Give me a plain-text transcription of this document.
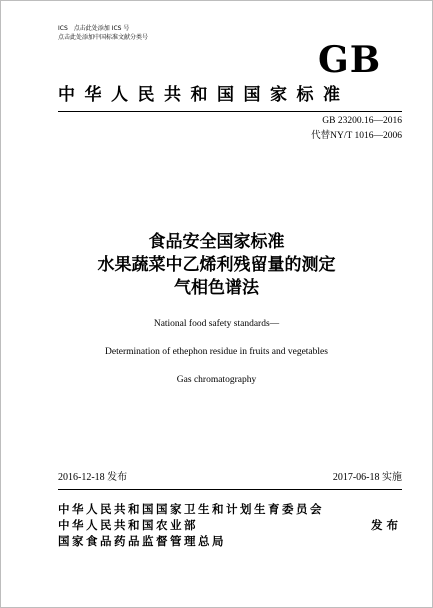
ICS　点击此处添加 ICS 号
点击此处添加中国标准文献分类号
GB
中华人民共和国国家标准
GB 23200.16—2016
代替NY/T 1016—2006
食品安全国家标准
水果蔬菜中乙烯利残留量的测定
气相色谱法
National food safety standards—
Determination of ethephon residue in fruits and vegetables
Gas chromatography
2016-12-18 发布	2017-06-18 实施
中华人民共和国国家卫生和计划生育委员会
中华人民共和国农业部
国家食品药品监督管理总局
发布
